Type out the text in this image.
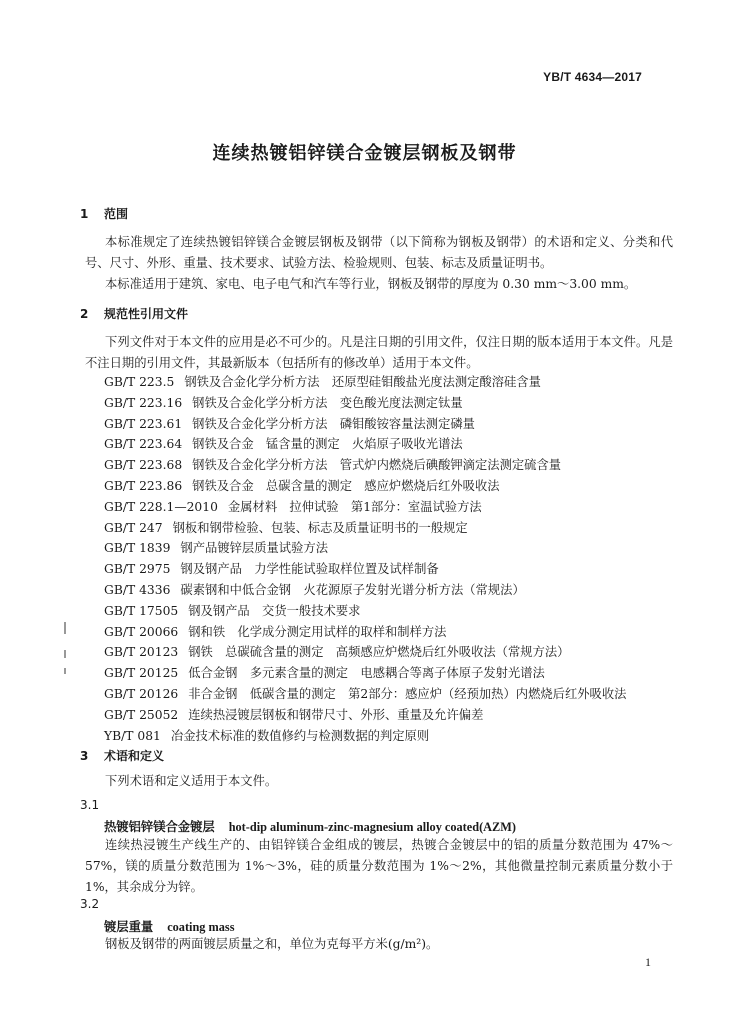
YB/T 4634—2017
连续热镀铝锌镁合金镀层钢板及钢带
1 范围
本标准规定了连续热镀铝锌镁合金镀层钢板及钢带（以下简称为钢板及钢带）的术语和定义、分类和代号、尺寸、外形、重量、技术要求、试验方法、检验规则、包装、标志及质量证明书。
本标准适用于建筑、家电、电子电气和汽车等行业，钢板及钢带的厚度为 0.30 mm～3.00 mm。
2 规范性引用文件
下列文件对于本文件的应用是必不可少的。凡是注日期的引用文件，仅注日期的版本适用于本文件。凡是不注日期的引用文件，其最新版本（包括所有的修改单）适用于本文件。
GB/T 223.5 钢铁及合金化学分析方法　还原型硅钼酸盐光度法测定酸溶硅含量
GB/T 223.16 钢铁及合金化学分析方法　变色酸光度法测定钛量
GB/T 223.61 钢铁及合金化学分析方法　磷钼酸铵容量法测定磷量
GB/T 223.64 钢铁及合金　锰含量的测定　火焰原子吸收光谱法
GB/T 223.68 钢铁及合金化学分析方法　管式炉内燃烧后碘酸钾滴定法测定硫含量
GB/T 223.86 钢铁及合金　总碳含量的测定　感应炉燃烧后红外吸收法
GB/T 228.1—2010 金属材料　拉伸试验　第1部分：室温试验方法
GB/T 247 钢板和钢带检验、包装、标志及质量证明书的一般规定
GB/T 1839 钢产品镀锌层质量试验方法
GB/T 2975 钢及钢产品　力学性能试验取样位置及试样制备
GB/T 4336 碳素钢和中低合金钢　火花源原子发射光谱分析方法（常规法）
GB/T 17505 钢及钢产品　交货一般技术要求
GB/T 20066 钢和铁　化学成分测定用试样的取样和制样方法
GB/T 20123 钢铁　总碳硫含量的测定　高频感应炉燃烧后红外吸收法（常规方法）
GB/T 20125 低合金钢　多元素含量的测定　电感耦合等离子体原子发射光谱法
GB/T 20126 非合金钢　低碳含量的测定　第2部分：感应炉（经预加热）内燃烧后红外吸收法
GB/T 25052 连续热浸镀层钢板和钢带尺寸、外形、重量及允许偏差
YB/T 081 冶金技术标准的数值修约与检测数据的判定原则
3 术语和定义
下列术语和定义适用于本文件。
3.1
热镀铝锌镁合金镀层 hot-dip aluminum-zinc-magnesium alloy coated(AZM)
连续热浸镀生产线生产的、由铝锌镁合金组成的镀层，热镀合金镀层中的铝的质量分数范围为 47%～57%，镁的质量分数范围为 1%～3%，硅的质量分数范围为 1%～2%，其他微量控制元素质量分数小于 1%，其余成分为锌。
3.2
镀层重量 coating mass
钢板及钢带的两面镀层质量之和，单位为克每平方米(g/m²)。
1
